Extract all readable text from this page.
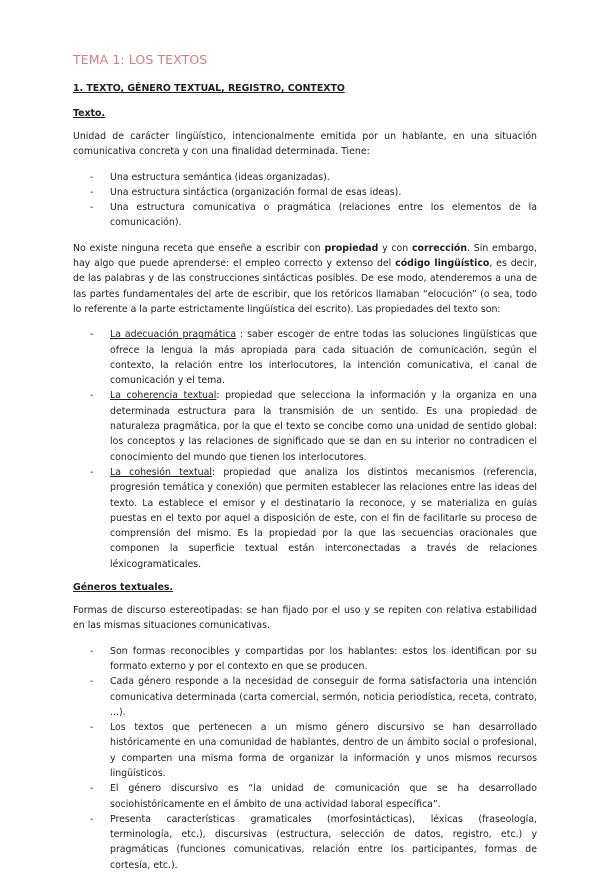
TEMA 1: LOS TEXTOS
1. TEXTO, GÉNERO TEXTUAL, REGISTRO, CONTEXTO
Texto.

Unidad de carácter lingüístico, intencionalmente emitida por un hablante, en una situación comunicativa concreta y con una finalidad determinada. Tiene:

- Una estructura semántica (ideas organizadas).
- Una estructura sintáctica (organización formal de esas ideas).
- Una estructura comunicativa o pragmática (relaciones entre los elementos de la comunicación).

No existe ninguna receta que enseñe a escribir con propiedad y con corrección. Sin embargo, hay algo que puede aprenderse: el empleo correcto y extenso del código lingüístico, es decir, de las palabras y de las construcciones sintácticas posibles. De ese modo, atenderemos a una de las partes fundamentales del arte de escribir, que los retóricos llamaban “elocución” (o sea, todo lo referente a la parte estrictamente lingüística del escrito). Las propiedades del texto son:

- La adecuación pragmática : saber escoger de entre todas las soluciones lingüísticas que ofrece la lengua la más apropiada para cada situación de comunicación, según el contexto, la relación entre los interlocutores, la intención comunicativa, el canal de comunicación y el tema.
- La coherencia textual: propiedad que selecciona la información y la organiza en una determinada estructura para la transmisión de un sentido. Es una propiedad de naturaleza pragmática, por la que el texto se concibe como una unidad de sentido global: los conceptos y las relaciones de significado que se dan en su interior no contradicen el conocimiento del mundo que tienen los interlocutores.
- La cohesión textual: propiedad que analiza los distintos mecanismos (referencia, progresión temática y conexión) que permiten establecer las relaciones entre las ideas del texto. La establece el emisor y el destinatario la reconoce, y se materializa en guías puestas en el texto por aquel a disposición de este, con el fin de facilitarle su proceso de comprensión del mismo. Es la propiedad por la que las secuencias oracionales que componen la superficie textual están interconectadas a través de relaciones léxicogramaticales.
Géneros textuales.

Formas de discurso estereotipadas: se han fijado por el uso y se repiten con relativa estabilidad en las mismas situaciones comunicativas.

- Son formas reconocibles y compartidas por los hablantes: estos los identifican por su formato externo y por el contexto en que se producen.
- Cada género responde a la necesidad de conseguir de forma satisfactoria una intención comunicativa determinada (carta comercial, sermón, noticia periodística, receta, contrato, ...).
- Los textos que pertenecen a un mismo género discursivo se han desarrollado históricamente en una comunidad de hablantes, dentro de un ámbito social o profesional, y comparten una misma forma de organizar la información y unos mismos recursos lingüísticos.
- El género discursivo es “la unidad de comunicación que se ha desarrollado sociohistóricamente en el ámbito de una actividad laboral específica”.
- Presenta características gramaticales (morfosintácticas), léxicas (fraseología, terminología, etc.), discursivas (estructura, selección de datos, registro, etc.) y pragmáticas (funciones comunicativas, relación entre los participantes, formas de cortesía, etc.).
